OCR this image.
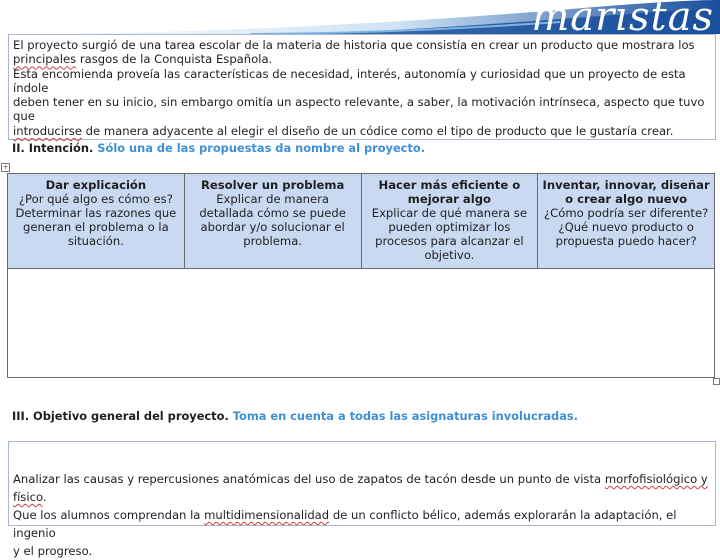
maristas

El proyecto surgió de una tarea escolar de la materia de historia que consistía en crear un producto que mostrara los

principales rasgos de la Conquista Española.

Esta encomienda proveía las características de necesidad, interés, autonomía y curiosidad que un proyecto de esta índole

deben tener en su inicio, sin embargo omitía un aspecto relevante, a saber, la motivación intrínseca, aspecto que tuvo que

introducirse de manera adyacente al elegir el diseño de un códice como el tipo de producto que le gustaría crear.

II. Intención. Sólo una de las propuestas da nombre al proyecto.
+
Dar explicación
¿Por qué algo es cómo es?
Determinar las razones que generan el problema o la situación.

Resolver un problema
Explicar de manera detallada cómo se puede abordar y/o solucionar el problema.

Hacer más eficiente o mejorar algo
Explicar de qué manera se pueden optimizar los procesos para alcanzar el objetivo.

Inventar, innovar, diseñar o crear algo nuevo
¿Cómo podría ser diferente?
¿Qué nuevo producto o propuesta puedo hacer?

III. Objetivo general del proyecto. Toma en cuenta a todas las asignaturas involucradas.

Analizar las causas y repercusiones anatómicas del uso de zapatos de tacón desde un punto de vista morfofisiológico y físico.

Que los alumnos comprendan la multidimensionalidad de un conflicto bélico, además explorarán la adaptación, el ingenio

y el progreso.
